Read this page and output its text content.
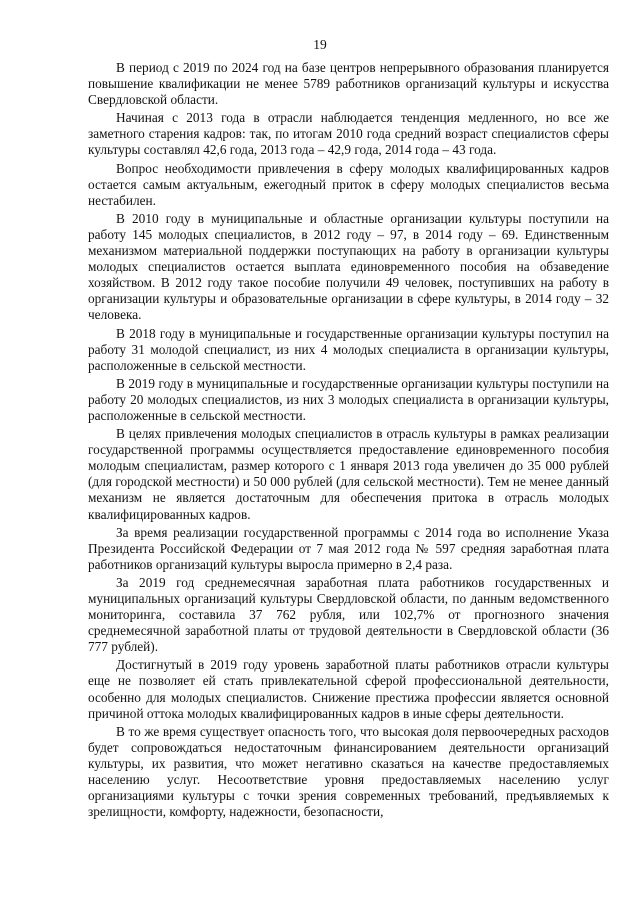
19

В период с 2019 по 2024 год на базе центров непрерывного образования планируется повышение квалификации не менее 5789 работников организаций культуры и искусства Свердловской области.

Начиная с 2013 года в отрасли наблюдается тенденция медленного, но все же заметного старения кадров: так, по итогам 2010 года средний возраст специалистов сферы культуры составлял 42,6 года, 2013 года – 42,9 года, 2014 года – 43 года.

Вопрос необходимости привлечения в сферу молодых квалифицированных кадров остается самым актуальным, ежегодный приток в сферу молодых специалистов весьма нестабилен.

В 2010 году в муниципальные и областные организации культуры поступили на работу 145 молодых специалистов, в 2012 году – 97, в 2014 году – 69. Единственным механизмом материальной поддержки поступающих на работу в организации культуры молодых специалистов остается выплата единовременного пособия на обзаведение хозяйством. В 2012 году такое пособие получили 49 человек, поступивших на работу в организации культуры и образовательные организации в сфере культуры, в 2014 году – 32 человека.

В 2018 году в муниципальные и государственные организации культуры поступил на работу 31 молодой специалист, из них 4 молодых специалиста в организации культуры, расположенные в сельской местности.

В 2019 году в муниципальные и государственные организации культуры поступили на работу 20 молодых специалистов, из них 3 молодых специалиста в организации культуры, расположенные в сельской местности.

В целях привлечения молодых специалистов в отрасль культуры в рамках реализации государственной программы осуществляется предоставление единовременного пособия молодым специалистам, размер которого с 1 января 2013 года увеличен до 35 000 рублей (для городской местности) и 50 000 рублей (для сельской местности). Тем не менее данный механизм не является достаточным для обеспечения притока в отрасль молодых квалифицированных кадров.

За время реализации государственной программы с 2014 года во исполнение Указа Президента Российской Федерации от 7 мая 2012 года № 597 средняя заработная плата работников организаций культуры выросла примерно в 2,4 раза.

За 2019 год среднемесячная заработная плата работников государственных и муниципальных организаций культуры Свердловской области, по данным ведомственного мониторинга, составила 37 762 рубля, или 102,7% от прогнозного значения среднемесячной заработной платы от трудовой деятельности в Свердловской области (36 777 рублей).

Достигнутый в 2019 году уровень заработной платы работников отрасли культуры еще не позволяет ей стать привлекательной сферой профессиональной деятельности, особенно для молодых специалистов. Снижение престижа профессии является основной причиной оттока молодых квалифицированных кадров в иные сферы деятельности.

В то же время существует опасность того, что высокая доля первоочередных расходов будет сопровождаться недостаточным финансированием деятельности организаций культуры, их развития, что может негативно сказаться на качестве предоставляемых населению услуг. Несоответствие уровня предоставляемых населению услуг организациями культуры с точки зрения современных требований, предъявляемых к зрелищности, комфорту, надежности, безопасности,
